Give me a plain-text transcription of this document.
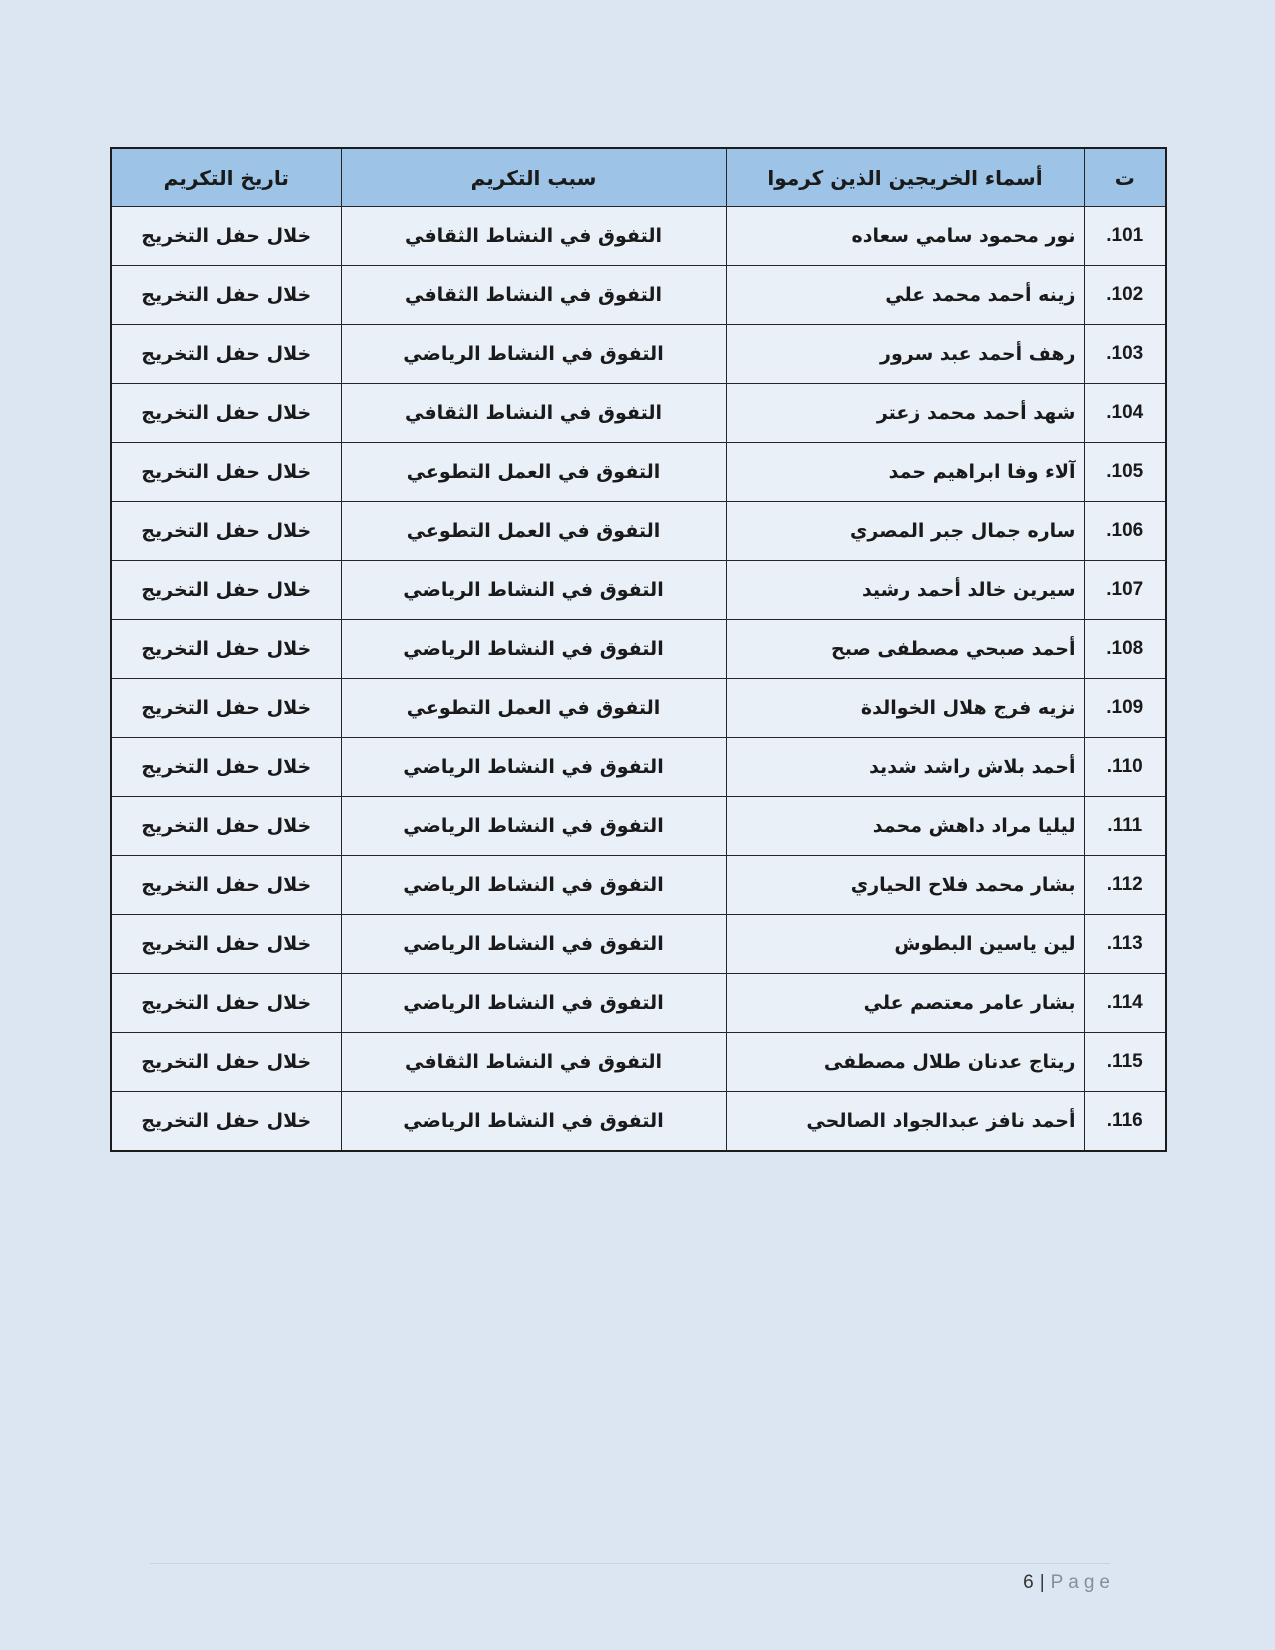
ت	أسماء الخريجين الذين كرموا	سبب التكريم	تاريخ التكريم
.101	نور محمود سامي سعاده	التفوق في النشاط الثقافي	خلال حفل التخريج
.102	زينه أحمد محمد علي	التفوق في النشاط الثقافي	خلال حفل التخريج
.103	رهف أحمد عبد سرور	التفوق في النشاط الرياضي	خلال حفل التخريج
.104	شهد أحمد محمد زعتر	التفوق في النشاط الثقافي	خلال حفل التخريج
.105	آلاء وفا ابراهيم حمد	التفوق في العمل التطوعي	خلال حفل التخريج
.106	ساره جمال جبر المصري	التفوق في العمل التطوعي	خلال حفل التخريج
.107	سيرين خالد أحمد رشيد	التفوق في النشاط الرياضي	خلال حفل التخريج
.108	أحمد صبحي مصطفى صبح	التفوق في النشاط الرياضي	خلال حفل التخريج
.109	نزيه فرج هلال الخوالدة	التفوق في العمل التطوعي	خلال حفل التخريج
.110	أحمد بلاش راشد شديد	التفوق في النشاط الرياضي	خلال حفل التخريج
.111	ليليا مراد داهش محمد	التفوق في النشاط الرياضي	خلال حفل التخريج
.112	بشار محمد فلاح الحياري	التفوق في النشاط الرياضي	خلال حفل التخريج
.113	لين ياسين البطوش	التفوق في النشاط الرياضي	خلال حفل التخريج
.114	بشار عامر معتصم علي	التفوق في النشاط الرياضي	خلال حفل التخريج
.115	ريتاج عدنان طلال مصطفى	التفوق في النشاط الثقافي	خلال حفل التخريج
.116	أحمد نافز عبدالجواد الصالحي	التفوق في النشاط الرياضي	خلال حفل التخريج
6 | Page
